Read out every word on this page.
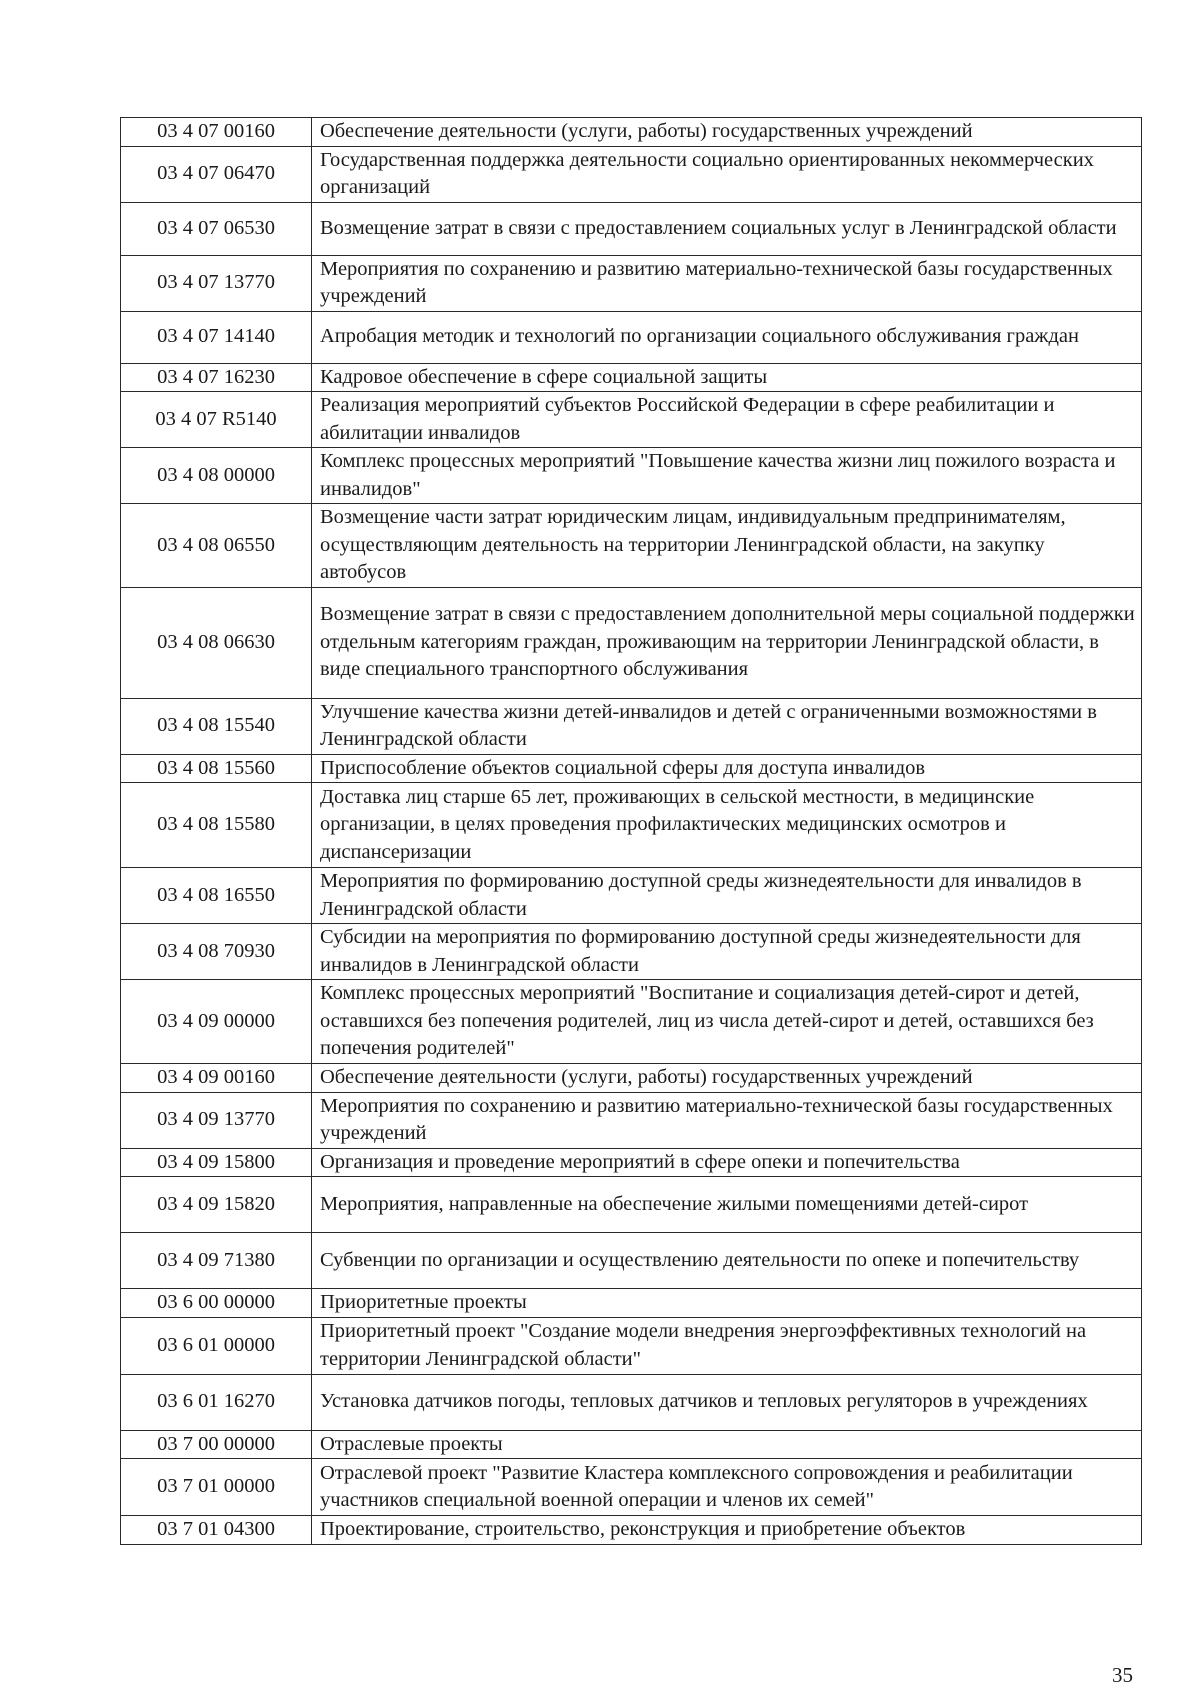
03 4 07 00160	Обеспечение деятельности (услуги, работы) государственных учреждений
03 4 07 06470	Государственная поддержка деятельности социально ориентированных некоммерческих организаций
03 4 07 06530	Возмещение затрат в связи с предоставлением социальных услуг в Ленинградской области
03 4 07 13770	Мероприятия по сохранению и развитию материально-технической базы государственных учреждений
03 4 07 14140	Апробация методик и технологий по организации социального обслуживания граждан
03 4 07 16230	Кадровое обеспечение в сфере социальной защиты
03 4 07 R5140	Реализация мероприятий субъектов Российской Федерации в сфере реабилитации и абилитации инвалидов
03 4 08 00000	Комплекс процессных мероприятий "Повышение качества жизни лиц пожилого возраста и инвалидов"
03 4 08 06550	Возмещение части затрат юридическим лицам, индивидуальным предпринимателям, осуществляющим деятельность на территории Ленинградской области, на закупку автобусов
03 4 08 06630	Возмещение затрат в связи с предоставлением дополнительной меры социальной поддержки отдельным категориям граждан, проживающим на территории Ленинградской области, в виде специального транспортного обслуживания
03 4 08 15540	Улучшение качества жизни детей-инвалидов и детей с ограниченными возможностями в Ленинградской области
03 4 08 15560	Приспособление объектов социальной сферы для доступа инвалидов
03 4 08 15580	Доставка лиц старше 65 лет, проживающих в сельской местности, в медицинские организации, в целях проведения профилактических медицинских осмотров и диспансеризации
03 4 08 16550	Мероприятия по формированию доступной среды жизнедеятельности для инвалидов в Ленинградской области
03 4 08 70930	Субсидии на мероприятия по формированию доступной среды жизнедеятельности для инвалидов в Ленинградской области
03 4 09 00000	Комплекс процессных мероприятий "Воспитание и социализация детей-сирот и детей, оставшихся без попечения родителей, лиц из числа детей-сирот и детей, оставшихся без попечения родителей"
03 4 09 00160	Обеспечение деятельности (услуги, работы) государственных учреждений
03 4 09 13770	Мероприятия по сохранению и развитию материально-технической базы государственных учреждений
03 4 09 15800	Организация и проведение мероприятий в сфере опеки и попечительства
03 4 09 15820	Мероприятия, направленные на обеспечение жилыми помещениями детей-сирот
03 4 09 71380	Субвенции по организации и осуществлению деятельности по опеке и попечительству
03 6 00 00000	Приоритетные проекты
03 6 01 00000	Приоритетный проект "Создание модели внедрения энергоэффективных технологий на территории Ленинградской области"
03 6 01 16270	Установка датчиков погоды, тепловых датчиков и тепловых регуляторов в учреждениях
03 7 00 00000	Отраслевые проекты
03 7 01 00000	Отраслевой проект "Развитие Кластера комплексного сопровождения и реабилитации участников специальной военной операции и членов их семей"
03 7 01 04300	Проектирование, строительство, реконструкция и приобретение объектов
35
